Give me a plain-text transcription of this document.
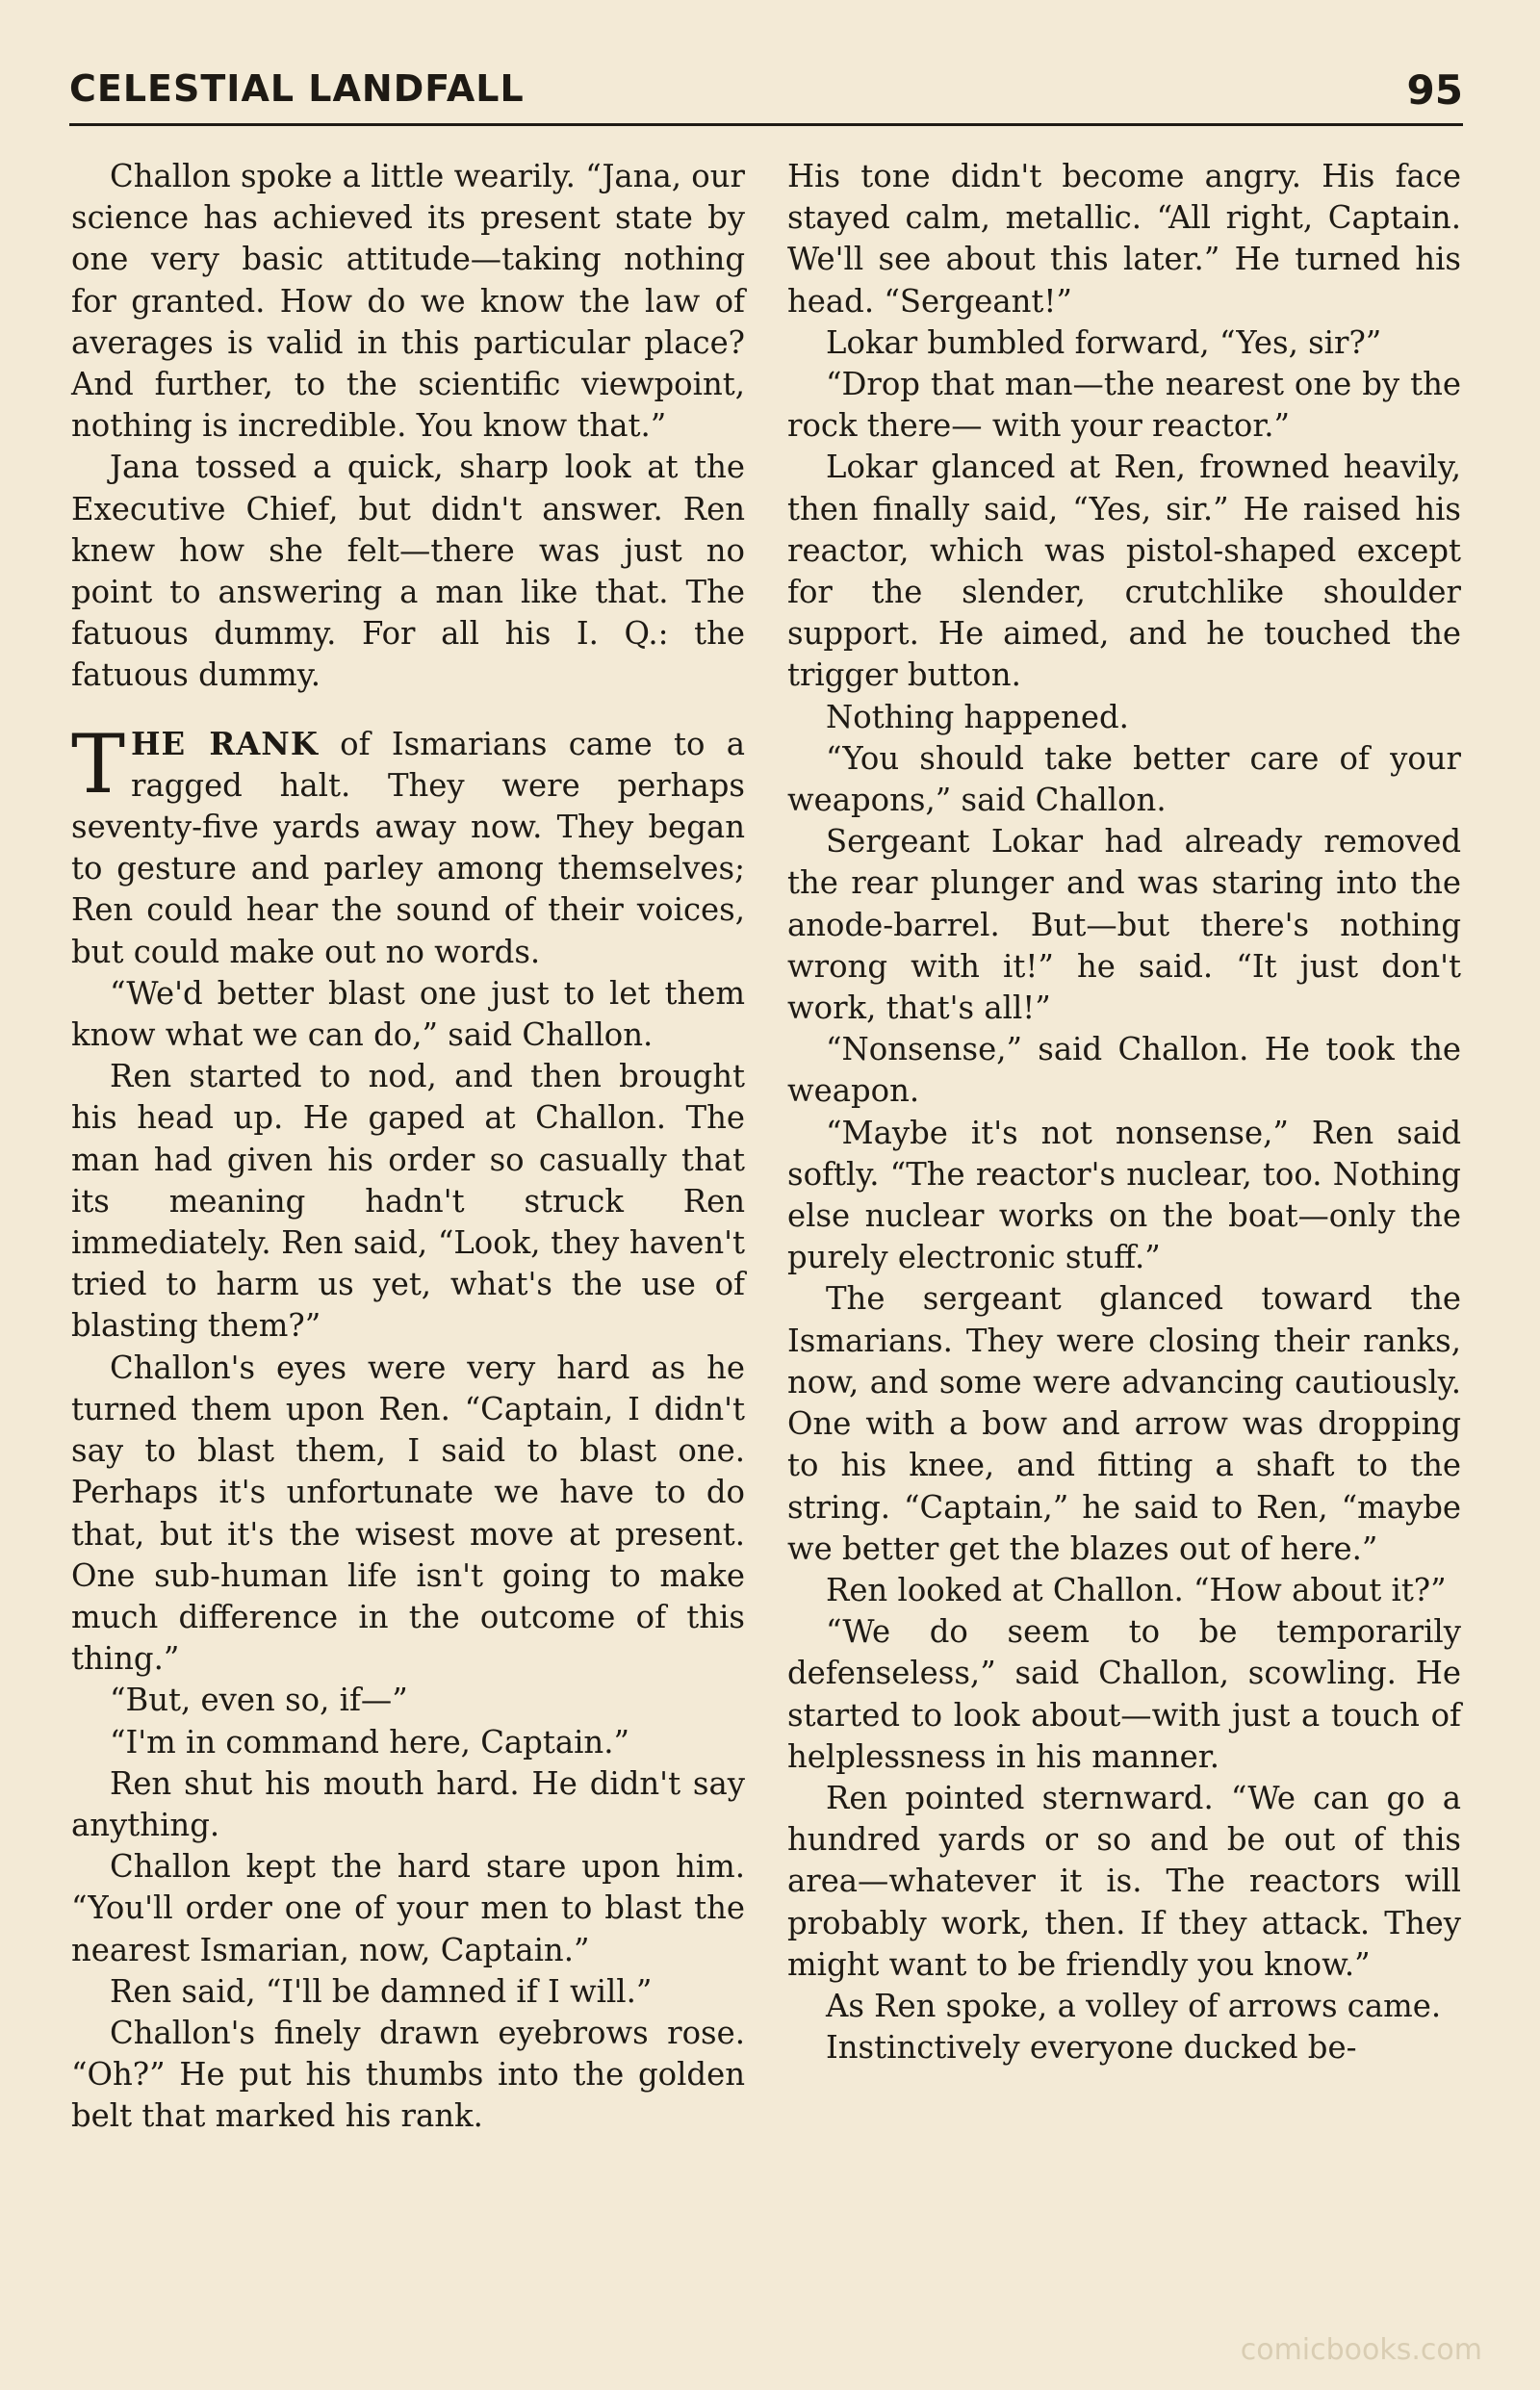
CELESTIAL LANDFALL	95

Challon spoke a little wearily. “Jana, our science has achieved its present state by one very basic attitude—taking nothing for granted. How do we know the law of averages is valid in this particular place? And further, to the scientific viewpoint, nothing is incredible. You know that.”

Jana tossed a quick, sharp look at the Executive Chief, but didn't answer. Ren knew how she felt—there was just no point to answering a man like that. The fatuous dummy. For all his I. Q.: the fatuous dummy.

THE RANK of Ismarians came to a ragged halt. They were perhaps seventy-five yards away now. They began to gesture and parley among themselves; Ren could hear the sound of their voices, but could make out no words.

“We'd better blast one just to let them know what we can do,” said Challon.

Ren started to nod, and then brought his head up. He gaped at Challon. The man had given his order so casually that its meaning hadn't struck Ren immediately. Ren said, “Look, they haven't tried to harm us yet, what's the use of blasting them?”

Challon's eyes were very hard as he turned them upon Ren. “Captain, I didn't say to blast them, I said to blast one. Perhaps it's unfortunate we have to do that, but it's the wisest move at present. One sub-human life isn't going to make much difference in the outcome of this thing.”

“But, even so, if—”

“I'm in command here, Captain.”

Ren shut his mouth hard. He didn't say anything.

Challon kept the hard stare upon him. “You'll order one of your men to blast the nearest Ismarian, now, Captain.”

Ren said, “I'll be damned if I will.”

Challon's finely drawn eyebrows rose. “Oh?” He put his thumbs into the golden belt that marked his rank.

His tone didn't become angry. His face stayed calm, metallic. “All right, Captain. We'll see about this later.” He turned his head. “Sergeant!”

Lokar bumbled forward, “Yes, sir?”

“Drop that man—the nearest one by the rock there— with your reactor.”

Lokar glanced at Ren, frowned heavily, then finally said, “Yes, sir.” He raised his reactor, which was pistol-shaped except for the slender, crutchlike shoulder support. He aimed, and he touched the trigger button.

Nothing happened.

“You should take better care of your weapons,” said Challon.

Sergeant Lokar had already removed the rear plunger and was staring into the anode-barrel. But—but there's nothing wrong with it!” he said. “It just don't work, that's all!”

“Nonsense,” said Challon. He took the weapon.

“Maybe it's not nonsense,” Ren said softly. “The reactor's nuclear, too. Nothing else nuclear works on the boat—only the purely electronic stuff.”

The sergeant glanced toward the Ismarians. They were closing their ranks, now, and some were advancing cautiously. One with a bow and arrow was dropping to his knee, and fitting a shaft to the string. “Captain,” he said to Ren, “maybe we better get the blazes out of here.”

Ren looked at Challon. “How about it?”

“We do seem to be temporarily defenseless,” said Challon, scowling. He started to look about—with just a touch of helplessness in his manner.

Ren pointed sternward. “We can go a hundred yards or so and be out of this area—whatever it is. The reactors will probably work, then. If they attack. They might want to be friendly you know.”

As Ren spoke, a volley of arrows came.

Instinctively everyone ducked be-

comicbooks.com
